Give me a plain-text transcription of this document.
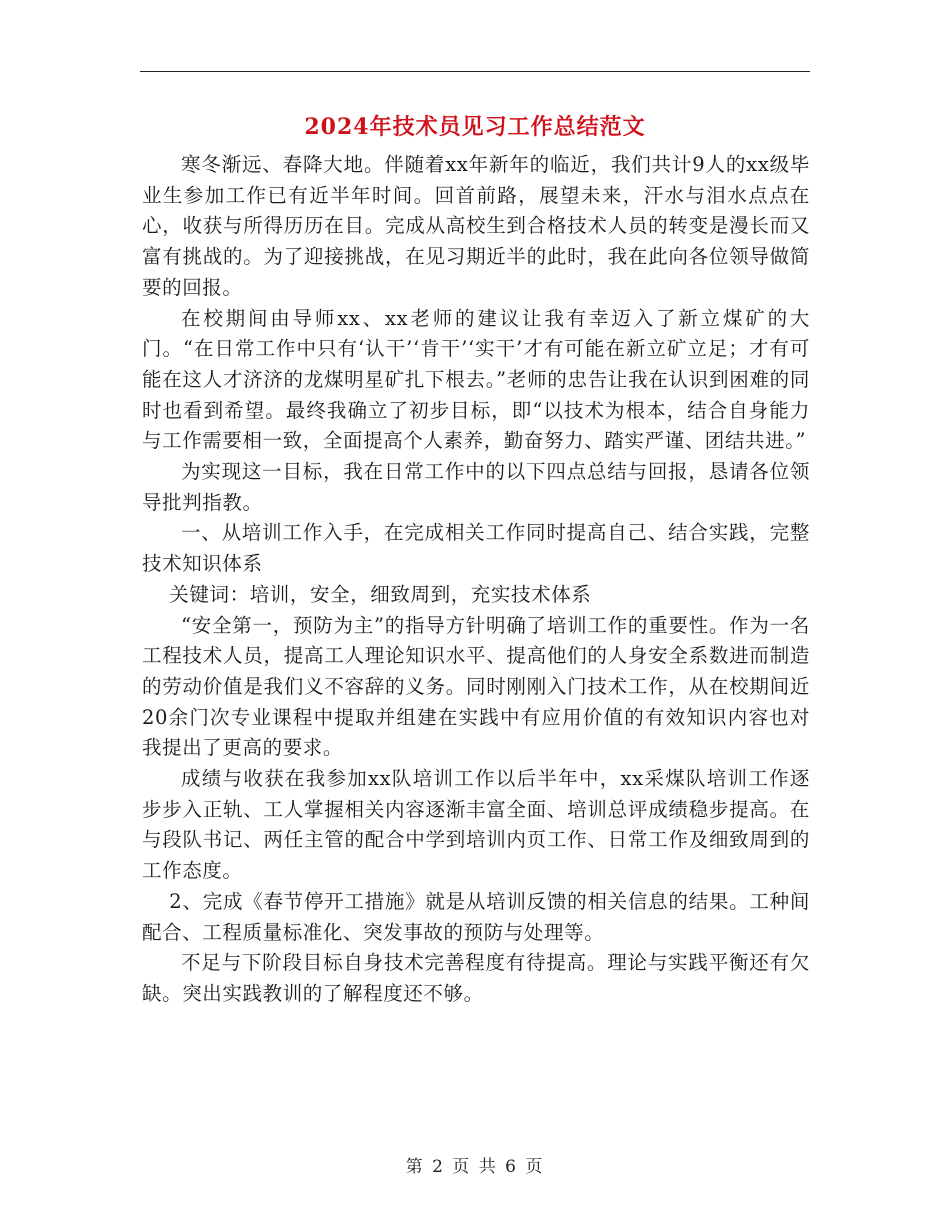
2024年技术员见习工作总结范文

寒冬渐远、春降大地。伴随着xx年新年的临近，我们共计9人的xx级毕业生参加工作已有近半年时间。回首前路，展望未来，汗水与泪水点点在心，收获与所得历历在目。完成从高校生到合格技术人员的转变是漫长而又富有挑战的。为了迎接挑战，在见习期近半的此时，我在此向各位领导做简要的回报。

在校期间由导师xx、xx老师的建议让我有幸迈入了新立煤矿的大门。“在日常工作中只有‘认干’‘肯干’‘实干’才有可能在新立矿立足；才有可能在这人才济济的龙煤明星矿扎下根去。”老师的忠告让我在认识到困难的同时也看到希望。最终我确立了初步目标，即“以技术为根本，结合自身能力与工作需要相一致，全面提高个人素养，勤奋努力、踏实严谨、团结共进。”

为实现这一目标，我在日常工作中的以下四点总结与回报，恳请各位领导批判指教。

一、从培训工作入手，在完成相关工作同时提高自己、结合实践，完整技术知识体系

关键词：培训，安全，细致周到，充实技术体系

“安全第一，预防为主”的指导方针明确了培训工作的重要性。作为一名工程技术人员，提高工人理论知识水平、提高他们的人身安全系数进而制造的劳动价值是我们义不容辞的义务。同时刚刚入门技术工作，从在校期间近20余门次专业课程中提取并组建在实践中有应用价值的有效知识内容也对我提出了更高的要求。

成绩与收获在我参加xx队培训工作以后半年中，xx采煤队培训工作逐步步入正轨、工人掌握相关内容逐渐丰富全面、培训总评成绩稳步提高。在与段队书记、两任主管的配合中学到培训内页工作、日常工作及细致周到的工作态度。

2、完成《春节停开工措施》就是从培训反馈的相关信息的结果。工种间配合、工程质量标准化、突发事故的预防与处理等。

不足与下阶段目标自身技术完善程度有待提高。理论与实践平衡还有欠缺。突出实践教训的了解程度还不够。

第 2 页 共 6 页
